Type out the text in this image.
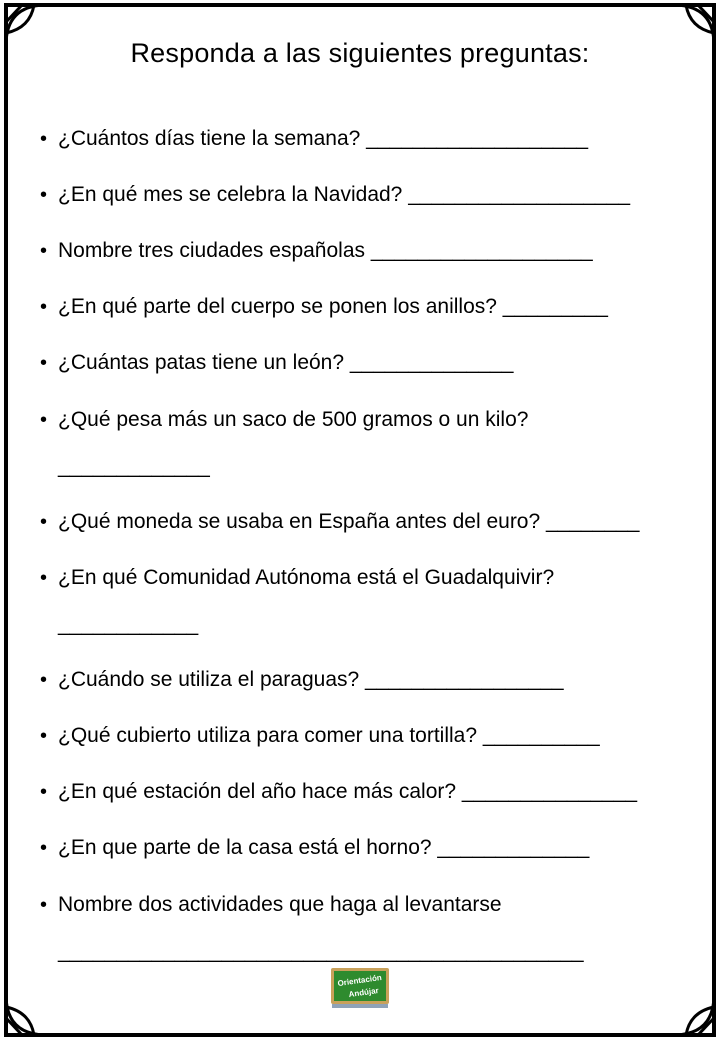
Responda a las siguientes preguntas:
• ¿Cuántos días tiene la semana? ___________________
• ¿En qué mes se celebra la Navidad? ___________________
• Nombre tres ciudades españolas ___________________
• ¿En qué parte del cuerpo se ponen los anillos? _________
• ¿Cuántas patas tiene un león? ______________
• ¿Qué pesa más un saco de 500 gramos o un kilo?
_____________
• ¿Qué moneda se usaba en España antes del euro? ________
• ¿En qué Comunidad Autónoma está el Guadalquivir?
____________
• ¿Cuándo se utiliza el paraguas? _________________
• ¿Qué cubierto utiliza para comer una tortilla? __________
• ¿En qué estación del año hace más calor? _______________
• ¿En que parte de la casa está el horno? _____________
• Nombre dos actividades que haga al levantarse
_____________________________________________
Orientación
Andújar
